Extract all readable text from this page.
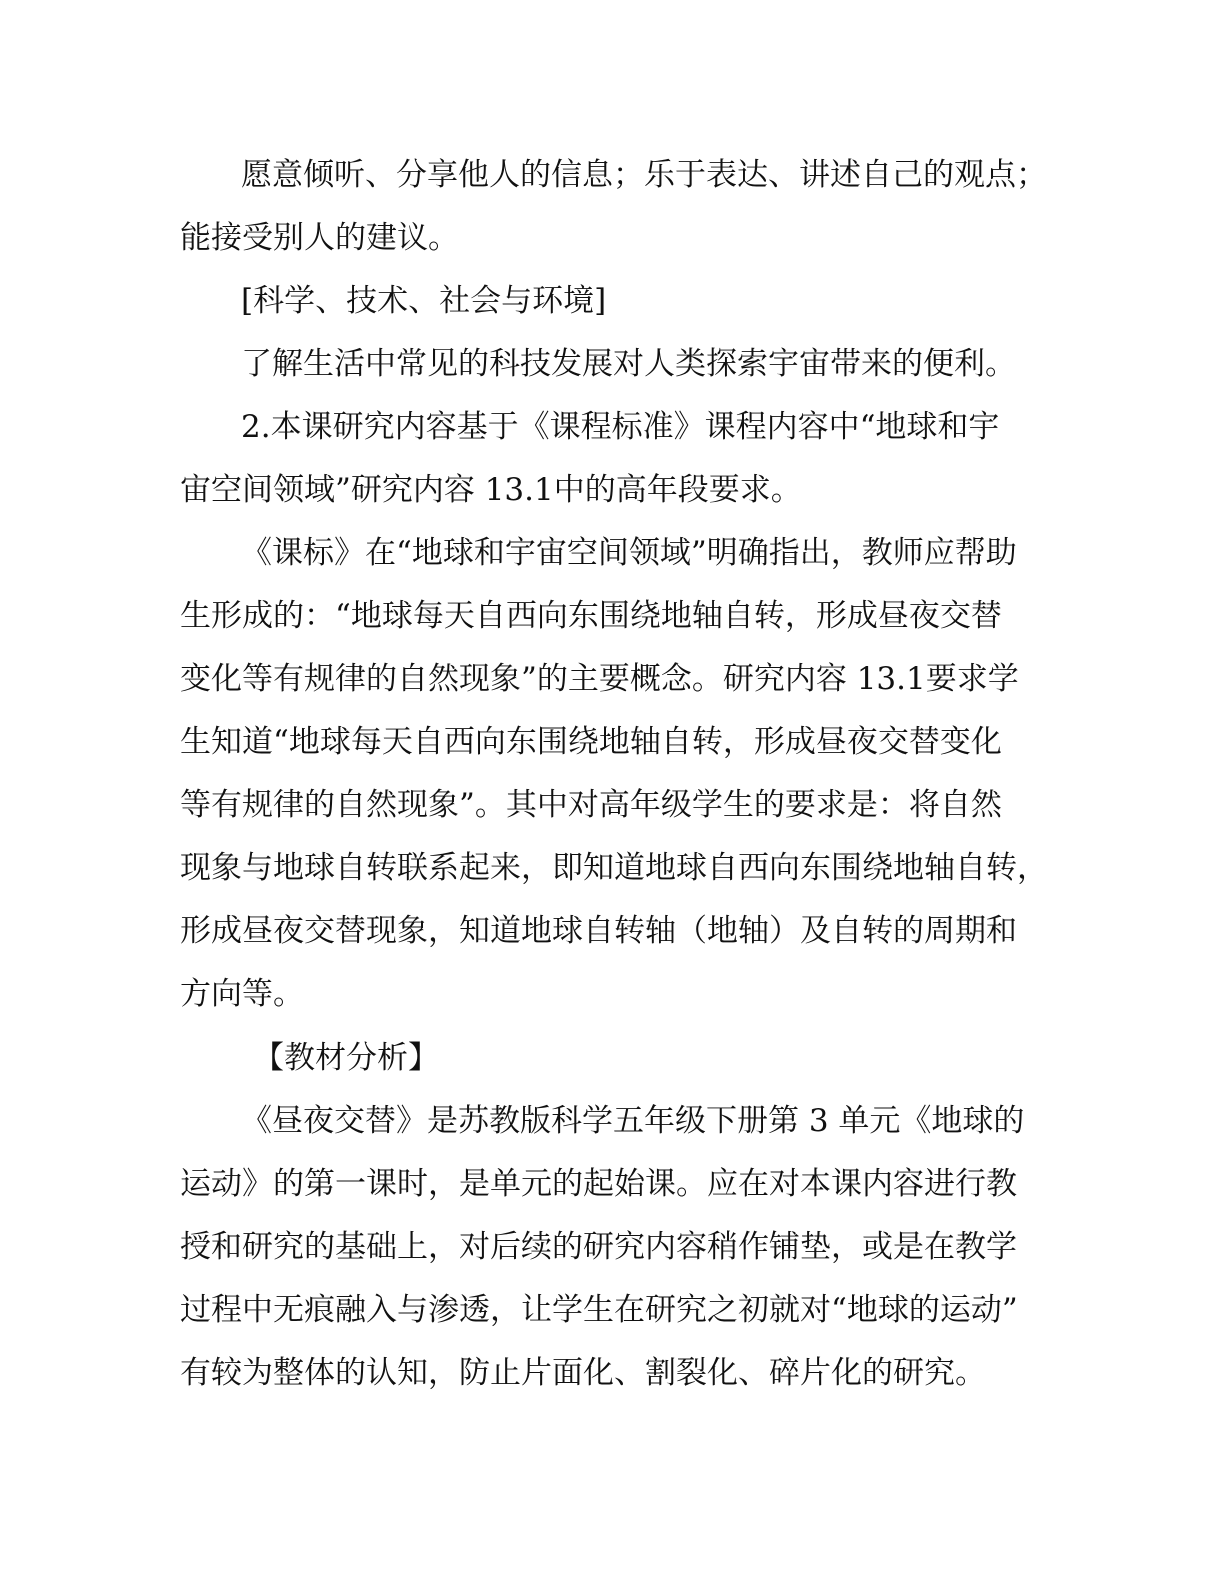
愿意倾听、分享他人的信息；乐于表达、讲述自己的观点；
能接受别人的建议。
[科学、技术、社会与环境]
了解生活中常见的科技发展对人类探索宇宙带来的便利。
2.本课研究内容基于《课程标准》课程内容中“地球和宇
宙空间领域”研究内容 13.1中的高年段要求。
《课标》在“地球和宇宙空间领域”明确指出，教师应帮助
生形成的：“地球每天自西向东围绕地轴自转，形成昼夜交替
变化等有规律的自然现象”的主要概念。研究内容 13.1要求学
生知道“地球每天自西向东围绕地轴自转，形成昼夜交替变化
等有规律的自然现象”。其中对高年级学生的要求是：将自然
现象与地球自转联系起来，即知道地球自西向东围绕地轴自转，
形成昼夜交替现象，知道地球自转轴（地轴）及自转的周期和
方向等。
【教材分析】
《昼夜交替》是苏教版科学五年级下册第 3 单元《地球的
运动》的第一课时，是单元的起始课。应在对本课内容进行教
授和研究的基础上，对后续的研究内容稍作铺垫，或是在教学
过程中无痕融入与渗透，让学生在研究之初就对“地球的运动”
有较为整体的认知，防止片面化、割裂化、碎片化的研究。
